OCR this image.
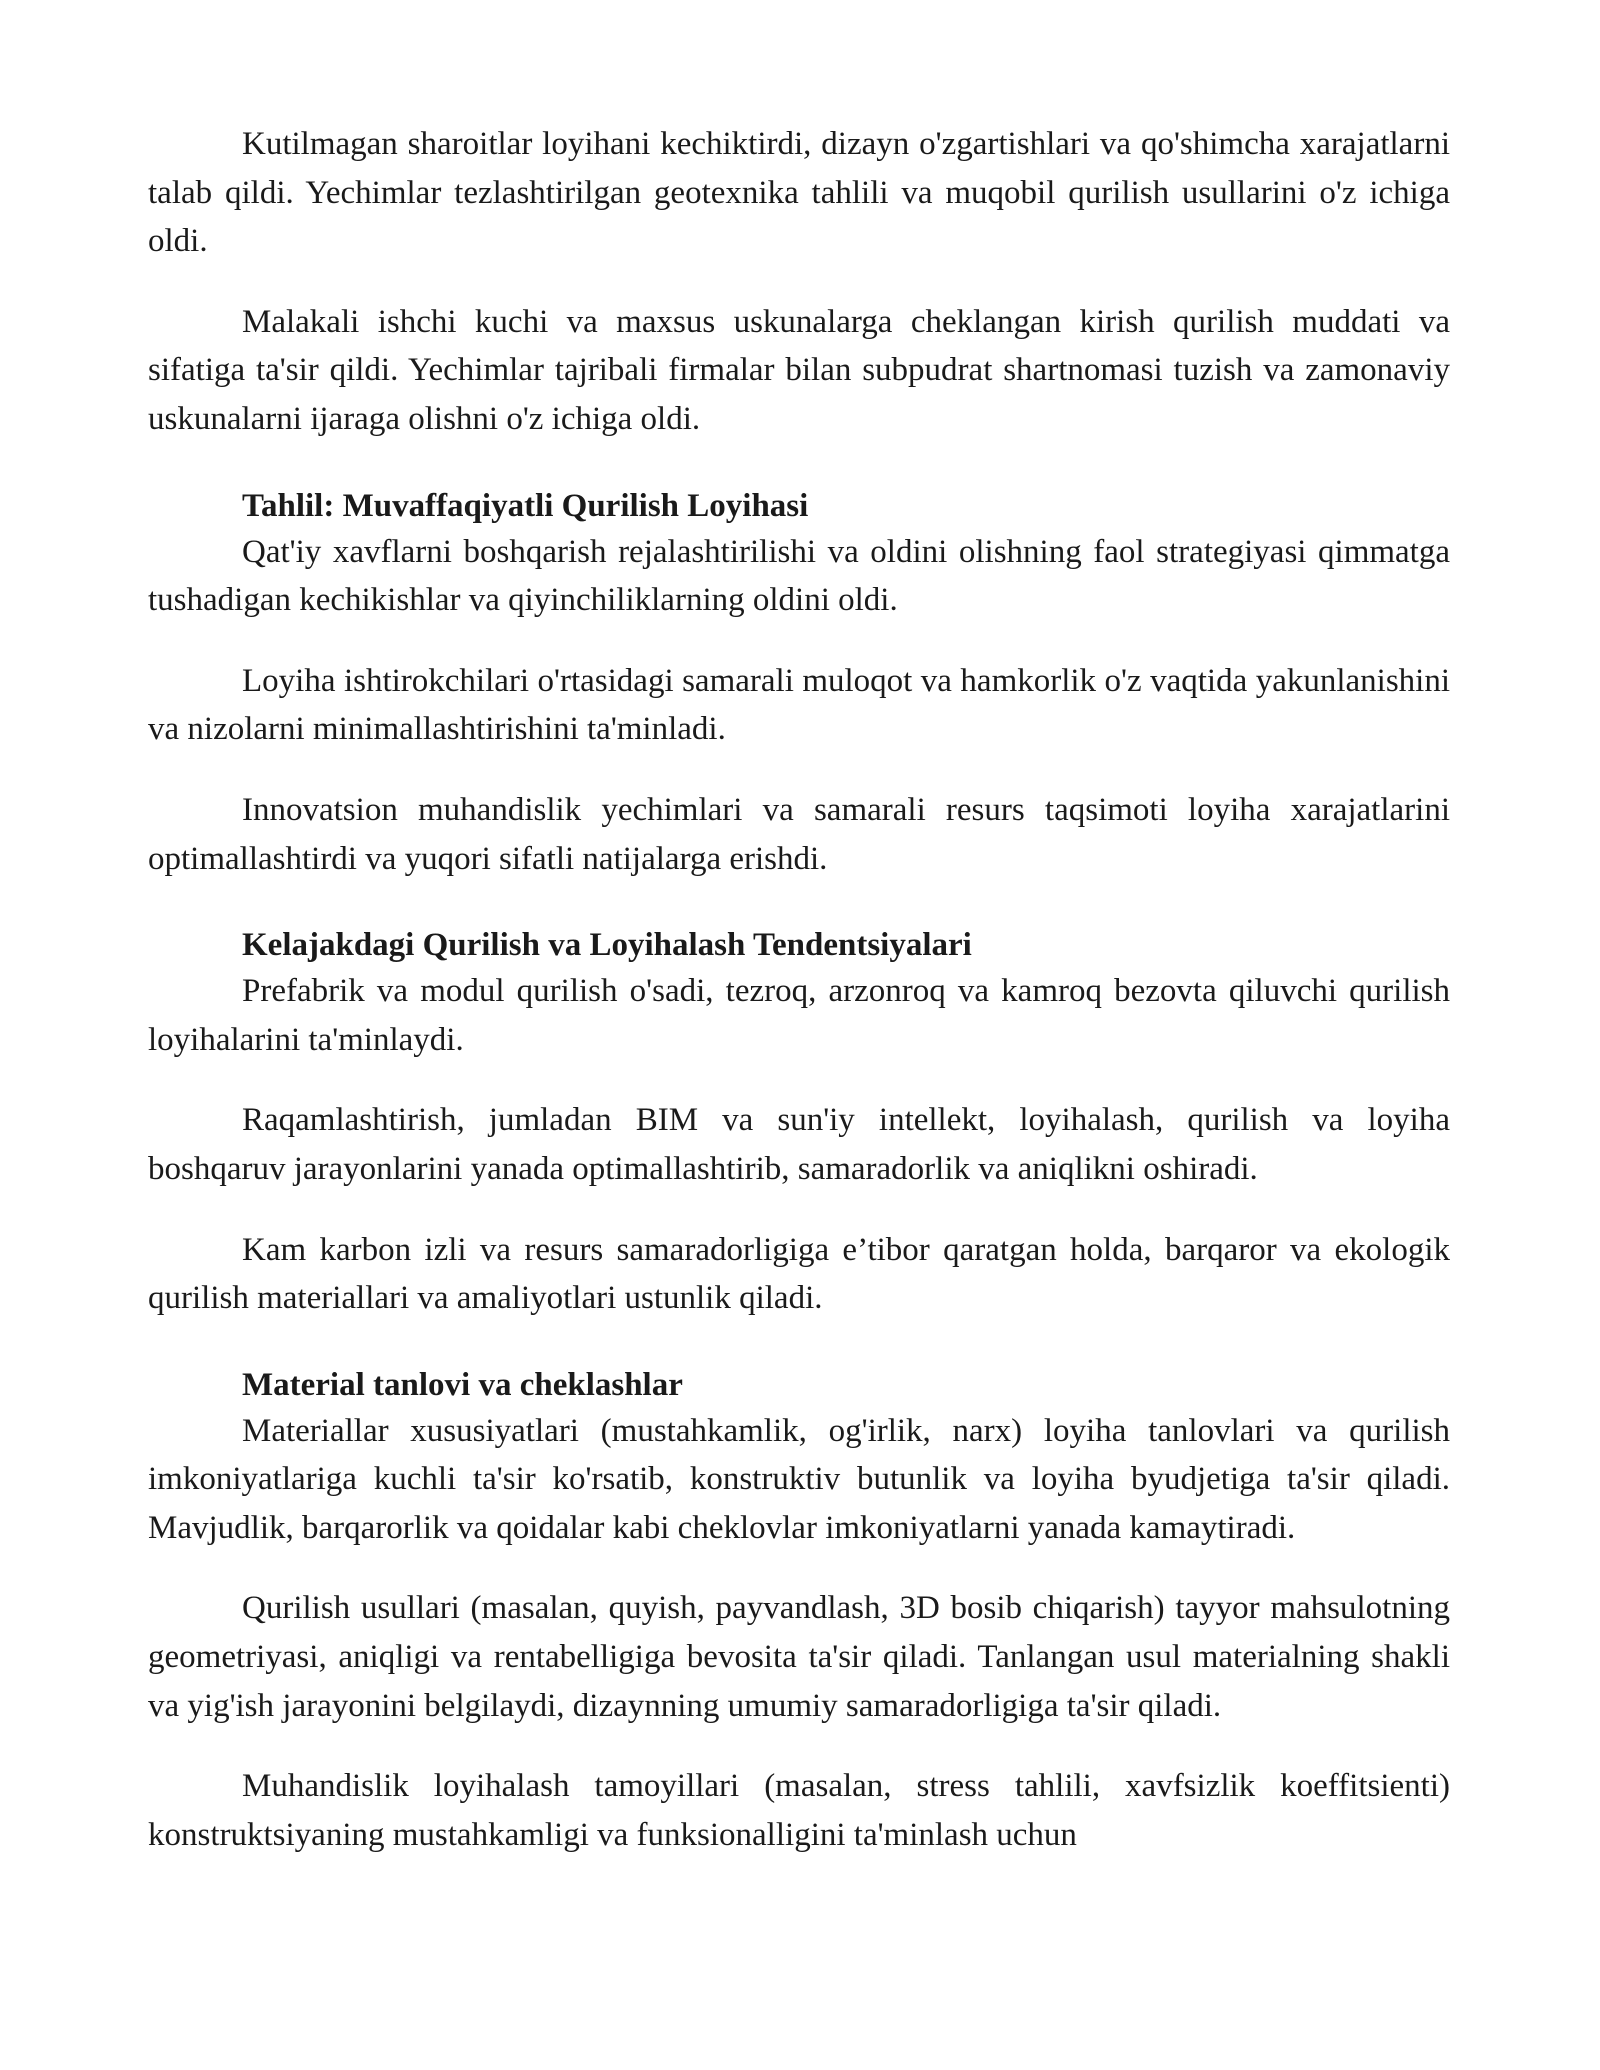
Kutilmagan sharoitlar loyihani kechiktirdi, dizayn o'zgartishlari va qo'shimcha xarajatlarni talab qildi. Yechimlar tezlashtirilgan geotexnika tahlili va muqobil qurilish usullarini o'z ichiga oldi.

Malakali ishchi kuchi va maxsus uskunalarga cheklangan kirish qurilish muddati va sifatiga ta'sir qildi. Yechimlar tajribali firmalar bilan subpudrat shartnomasi tuzish va zamonaviy uskunalarni ijaraga olishni o'z ichiga oldi.

Tahlil: Muvaffaqiyatli Qurilish Loyihasi

Qat'iy xavflarni boshqarish rejalashtirilishi va oldini olishning faol strategiyasi qimmatga tushadigan kechikishlar va qiyinchiliklarning oldini oldi.

Loyiha ishtirokchilari o'rtasidagi samarali muloqot va hamkorlik o'z vaqtida yakunlanishini va nizolarni minimallashtirishini ta'minladi.

Innovatsion muhandislik yechimlari va samarali resurs taqsimoti loyiha xarajatlarini optimallashtirdi va yuqori sifatli natijalarga erishdi.

Kelajakdagi Qurilish va Loyihalash Tendentsiyalari

Prefabrik va modul qurilish o'sadi, tezroq, arzonroq va kamroq bezovta qiluvchi qurilish loyihalarini ta'minlaydi.

Raqamlashtirish, jumladan BIM va sun'iy intellekt, loyihalash, qurilish va loyiha boshqaruv jarayonlarini yanada optimallashtirib, samaradorlik va aniqlikni oshiradi.

Kam karbon izli va resurs samaradorligiga e’tibor qaratgan holda, barqaror va ekologik qurilish materiallari va amaliyotlari ustunlik qiladi.

Material tanlovi va cheklashlar

Materiallar xususiyatlari (mustahkamlik, og'irlik, narx) loyiha tanlovlari va qurilish imkoniyatlariga kuchli ta'sir ko'rsatib, konstruktiv butunlik va loyiha byudjetiga ta'sir qiladi. Mavjudlik, barqarorlik va qoidalar kabi cheklovlar imkoniyatlarni yanada kamaytiradi.

Qurilish usullari (masalan, quyish, payvandlash, 3D bosib chiqarish) tayyor mahsulotning geometriyasi, aniqligi va rentabelligiga bevosita ta'sir qiladi. Tanlangan usul materialning shakli va yig'ish jarayonini belgilaydi, dizaynning umumiy samaradorligiga ta'sir qiladi.

Muhandislik loyihalash tamoyillari (masalan, stress tahlili, xavfsizlik koeffitsienti) konstruktsiyaning mustahkamligi va funksionalligini ta'minlash uchun
